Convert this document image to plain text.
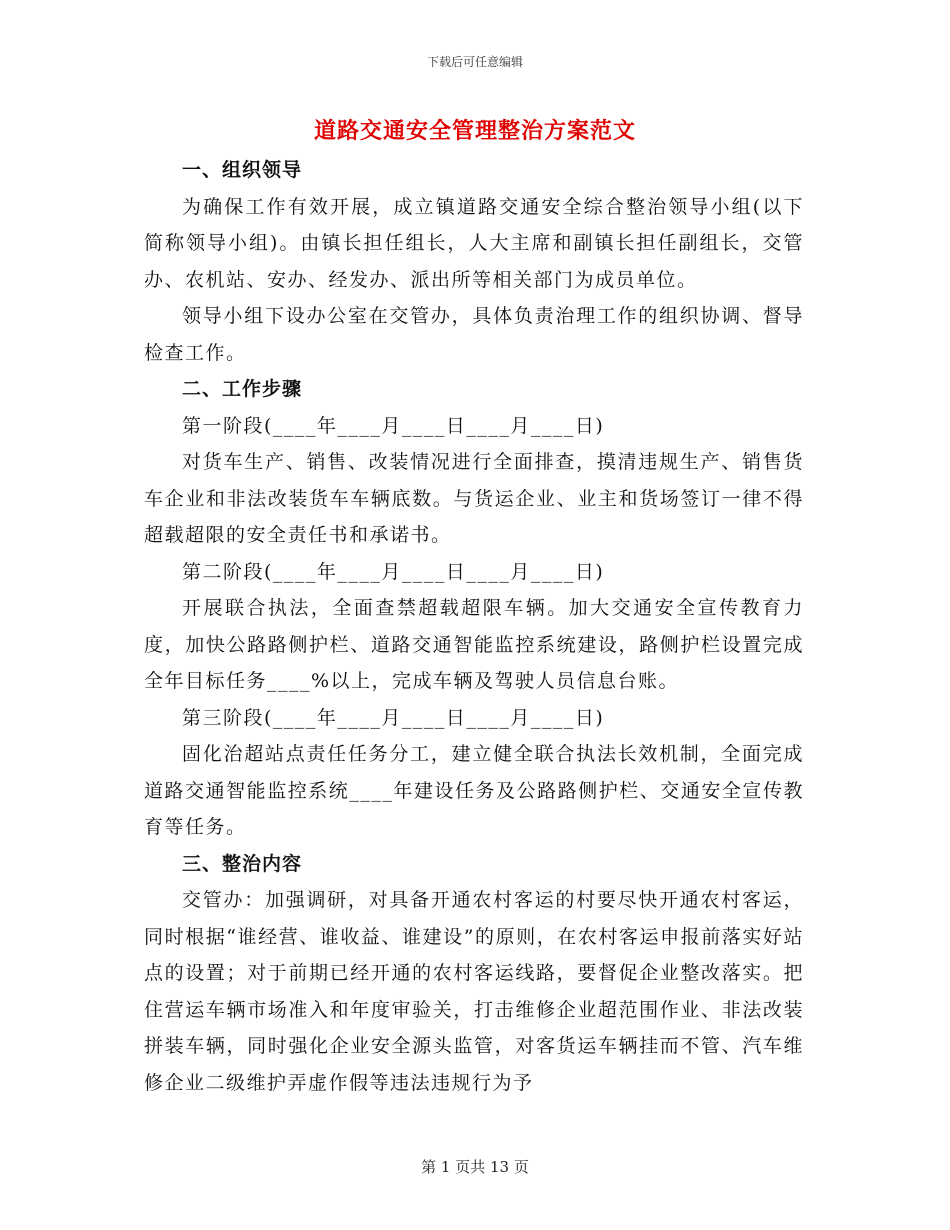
下载后可任意编辑
道路交通安全管理整治方案范文

一、组织领导

为确保工作有效开展，成立镇道路交通安全综合整治领导小组(以下简称领导小组)。由镇长担任组长，人大主席和副镇长担任副组长，交管办、农机站、安办、经发办、派出所等相关部门为成员单位。

领导小组下设办公室在交管办，具体负责治理工作的组织协调、督导检查工作。

二、工作步骤

第一阶段(____年____月____日____月____日)

对货车生产、销售、改装情况进行全面排查，摸清违规生产、销售货车企业和非法改装货车车辆底数。与货运企业、业主和货场签订一律不得超载超限的安全责任书和承诺书。

第二阶段(____年____月____日____月____日)

开展联合执法，全面查禁超载超限车辆。加大交通安全宣传教育力度，加快公路路侧护栏、道路交通智能监控系统建设，路侧护栏设置完成全年目标任务____%以上，完成车辆及驾驶人员信息台账。

第三阶段(____年____月____日____月____日)

固化治超站点责任任务分工，建立健全联合执法长效机制，全面完成道路交通智能监控系统____年建设任务及公路路侧护栏、交通安全宣传教育等任务。

三、整治内容

交管办：加强调研，对具备开通农村客运的村要尽快开通农村客运，同时根据“谁经营、谁收益、谁建设”的原则，在农村客运申报前落实好站点的设置；对于前期已经开通的农村客运线路，要督促企业整改落实。把住营运车辆市场准入和年度审验关，打击维修企业超范围作业、非法改装拼装车辆，同时强化企业安全源头监管，对客货运车辆挂而不管、汽车维修企业二级维护弄虚作假等违法违规行为予

第 1 页共 13 页
